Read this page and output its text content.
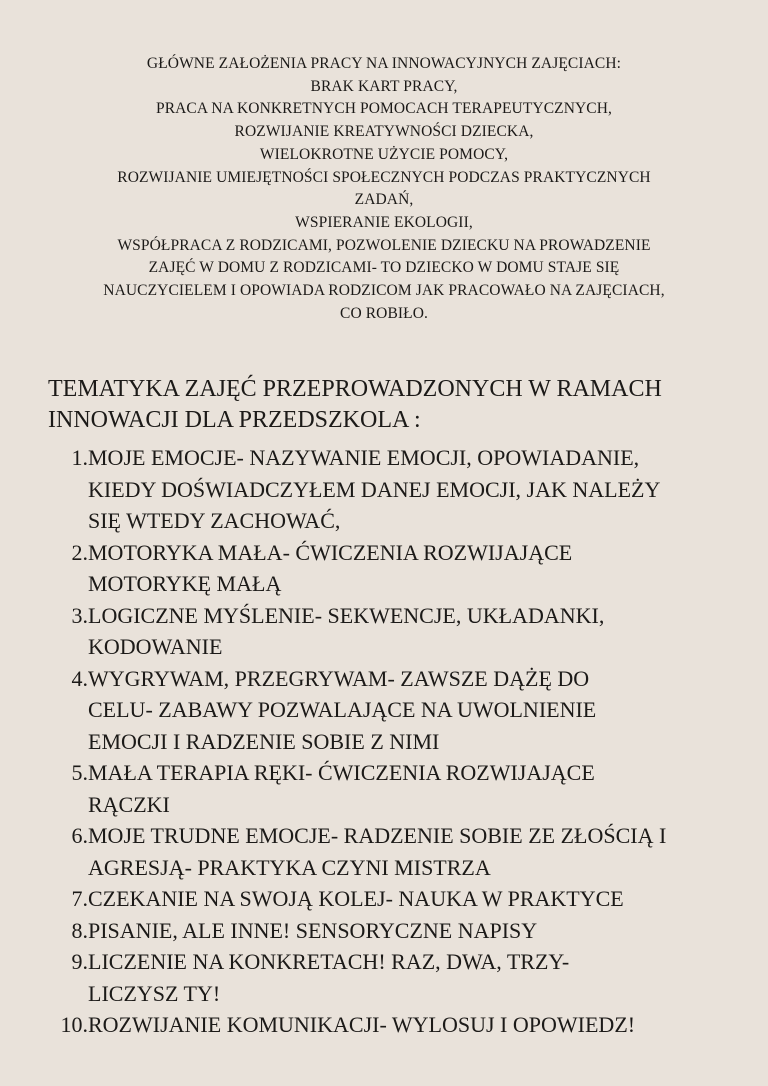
GŁÓWNE ZAŁOŻENIA PRACY NA INNOWACYJNYCH ZAJĘCIACH:
BRAK KART PRACY,
PRACA NA KONKRETNYCH POMOCACH TERAPEUTYCZNYCH,
ROZWIJANIE KREATYWNOŚCI DZIECKA,
WIELOKROTNE UŻYCIE POMOCY,
ROZWIJANIE UMIEJĘTNOŚCI SPOŁECZNYCH PODCZAS PRAKTYCZNYCH
ZADAŃ,
WSPIERANIE EKOLOGII,
WSPÓŁPRACA Z RODZICAMI, POZWOLENIE DZIECKU NA PROWADZENIE
ZAJĘĆ W DOMU Z RODZICAMI- TO DZIECKO W DOMU STAJE SIĘ
NAUCZYCIELEM I OPOWIADA RODZICOM JAK PRACOWAŁO NA ZAJĘCIACH,
CO ROBIŁO.
TEMATYKA ZAJĘĆ PRZEPROWADZONYCH W RAMACH
INNOWACJI DLA PRZEDSZKOLA :
1. MOJE EMOCJE- NAZYWANIE EMOCJI, OPOWIADANIE,
KIEDY DOŚWIADCZYŁEM DANEJ EMOCJI, JAK NALEŻY
SIĘ WTEDY ZACHOWAĆ,
2. MOTORYKA MAŁA- ĆWICZENIA ROZWIJAJĄCE
MOTORYKĘ MAŁĄ
3. LOGICZNE MYŚLENIE- SEKWENCJE, UKŁADANKI,
KODOWANIE
4. WYGRYWAM, PRZEGRYWAM- ZAWSZE DĄŻĘ DO
CELU- ZABAWY POZWALAJĄCE NA UWOLNIENIE
EMOCJI I RADZENIE SOBIE Z NIMI
5. MAŁA TERAPIA RĘKI- ĆWICZENIA ROZWIJAJĄCE
RĄCZKI
6. MOJE TRUDNE EMOCJE- RADZENIE SOBIE ZE ZŁOŚCIĄ I
AGRESJĄ- PRAKTYKA CZYNI MISTRZA
7. CZEKANIE NA SWOJĄ KOLEJ- NAUKA W PRAKTYCE
8. PISANIE, ALE INNE! SENSORYCZNE NAPISY
9. LICZENIE NA KONKRETACH! RAZ, DWA, TRZY-
LICZYSZ TY!
10. ROZWIJANIE KOMUNIKACJI- WYLOSUJ I OPOWIEDZ!
